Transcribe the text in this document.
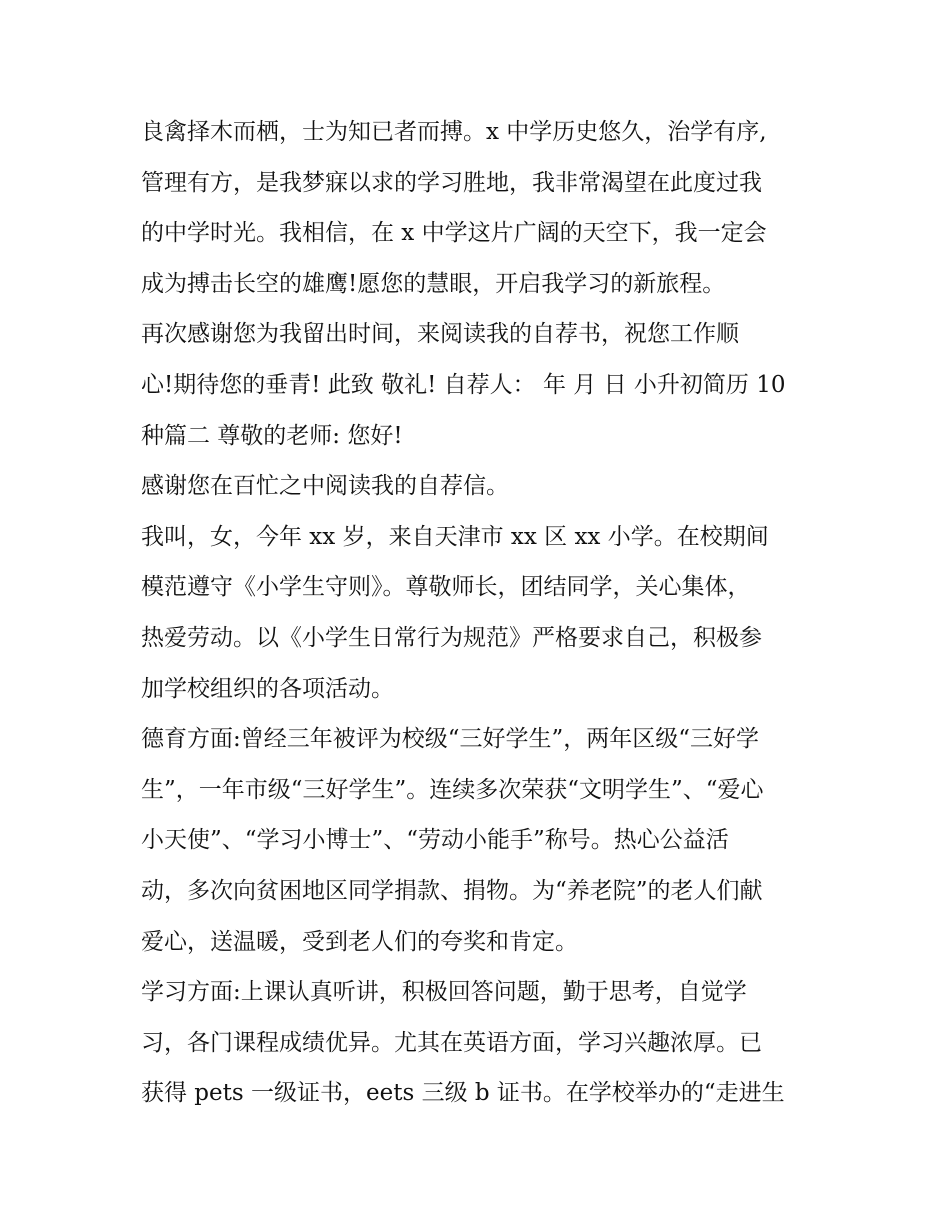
良禽择木而栖，士为知已者而搏。x 中学历史悠久，治学有序,
管理有方，是我梦寐以求的学习胜地，我非常渴望在此度过我
的中学时光。我相信，在 x 中学这片广阔的天空下，我一定会
成为搏击长空的雄鹰!愿您的慧眼，开启我学习的新旅程。
再次感谢您为我留出时间，来阅读我的自荐书，祝您工作顺
心!期待您的垂青! 此致 敬礼! 自荐人： 年 月 日 小升初简历 10
种篇二 尊敬的老师: 您好!
感谢您在百忙之中阅读我的自荐信。
我叫，女，今年 xx 岁，来自天津市 xx 区 xx 小学。在校期间
模范遵守《小学生守则》。尊敬师长，团结同学，关心集体，
热爱劳动。以《小学生日常行为规范》严格要求自己，积极参
加学校组织的各项活动。
德育方面:曾经三年被评为校级“三好学生”，两年区级“三好学
生”，一年市级“三好学生”。连续多次荣获“文明学生”、“爱心
小天使”、“学习小博士”、“劳动小能手”称号。热心公益活
动，多次向贫困地区同学捐款、捐物。为“养老院”的老人们献
爱心，送温暖，受到老人们的夸奖和肯定。
学习方面:上课认真听讲，积极回答问题，勤于思考，自觉学
习，各门课程成绩优异。尤其在英语方面，学习兴趣浓厚。已
获得 pets 一级证书，eets 三级 b 证书。在学校举办的“走进生
